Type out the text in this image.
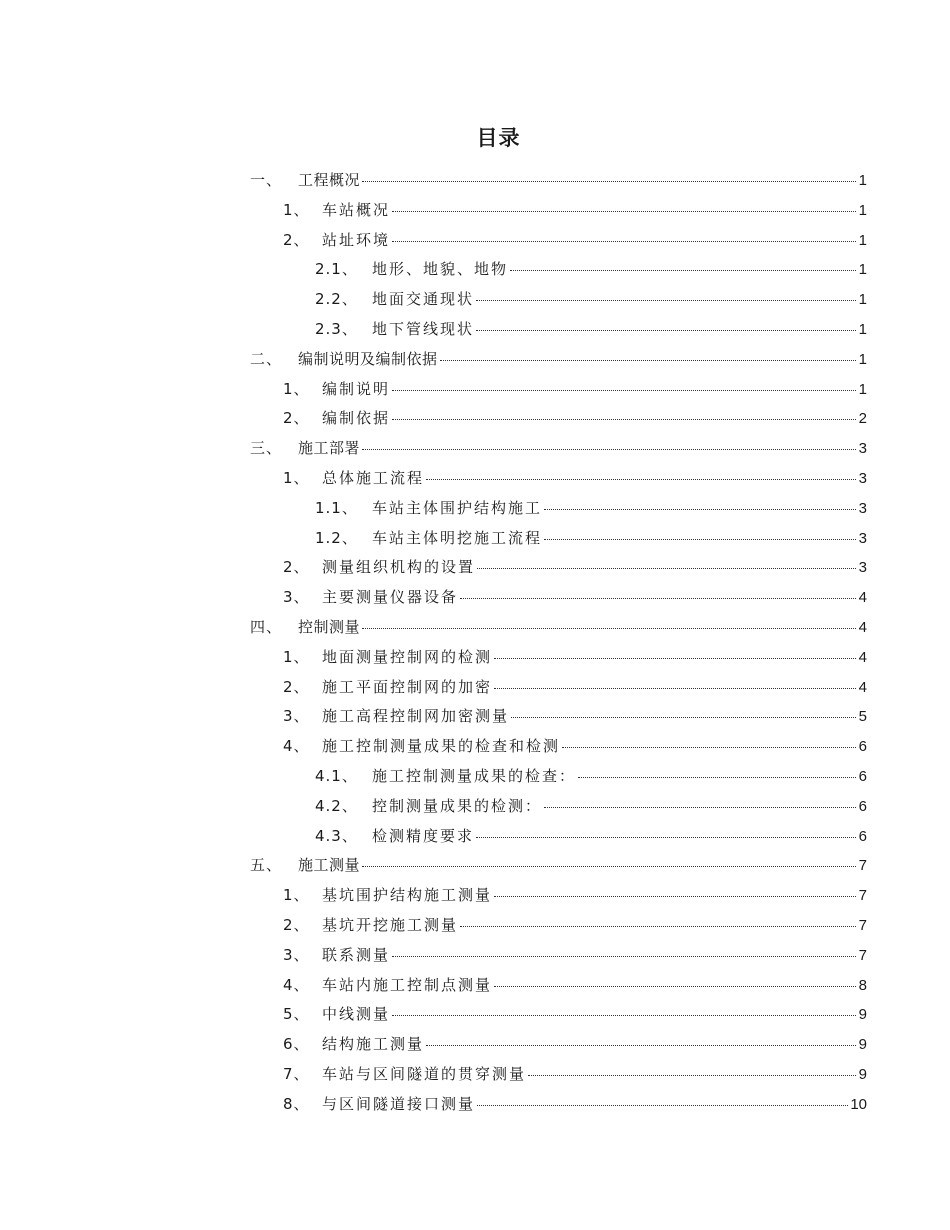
目录
一、	工程概况	1
1、 车站概况	1
2、 站址环境	1
2.1、 地形、地貌、地物	1
2.2、 地面交通现状	1
2.3、 地下管线现状	1
二、	编制说明及编制依据	1
1、 编制说明	1
2、 编制依据	2
三、	施工部署	3
1、 总体施工流程	3
1.1、 车站主体围护结构施工	3
1.2、 车站主体明挖施工流程	3
2、 测量组织机构的设置	3
3、 主要测量仪器设备	4
四、	控制测量	4
1、 地面测量控制网的检测	4
2、 施工平面控制网的加密	4
3、 施工高程控制网加密测量	5
4、 施工控制测量成果的检查和检测	6
4.1、 施工控制测量成果的检查：	6
4.2、 控制测量成果的检测：	6
4.3、 检测精度要求	6
五、	施工测量	7
1、 基坑围护结构施工测量	7
2、 基坑开挖施工测量	7
3、 联系测量	7
4、 车站内施工控制点测量	8
5、 中线测量	9
6、 结构施工测量	9
7、 车站与区间隧道的贯穿测量	9
8、 与区间隧道接口测量	10
